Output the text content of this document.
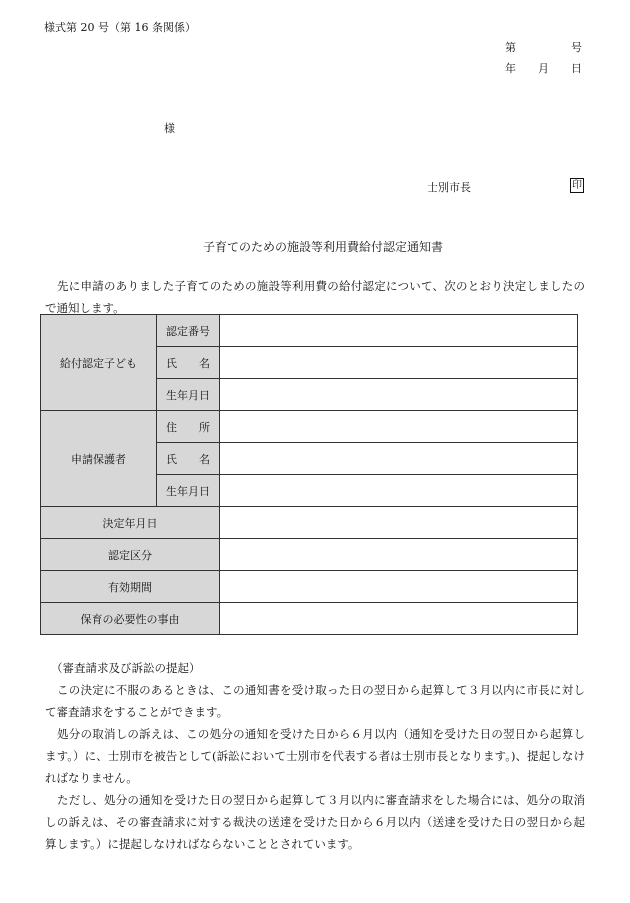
様式第 20 号（第 16 条関係）
第　　　　　号
年　　月　　日
様
士別市長	印
子育てのための施設等利用費給付認定通知書
先に申請のありました子育てのための施設等利用費の給付認定について、次のとおり決定しましたので通知します。
給付認定子ども	認定番号	
	氏　　名	
	生年月日	
申請保護者	住　　所	
	氏　　名	
	生年月日	
決定年月日		
認定区分		
有効期間		
保育の必要性の事由		
（審査請求及び訴訟の提起）

この決定に不服のあるときは、この通知書を受け取った日の翌日から起算して３月以内に市長に対して審査請求をすることができます。

処分の取消しの訴えは、この処分の通知を受けた日から６月以内（通知を受けた日の翌日から起算します。）に、士別市を被告として(訴訟において士別市を代表する者は士別市長となります。)、提起しなければなりません。

ただし、処分の通知を受けた日の翌日から起算して３月以内に審査請求をした場合には、処分の取消しの訴えは、その審査請求に対する裁決の送達を受けた日から６月以内（送達を受けた日の翌日から起算します。）に提起しなければならないこととされています。
